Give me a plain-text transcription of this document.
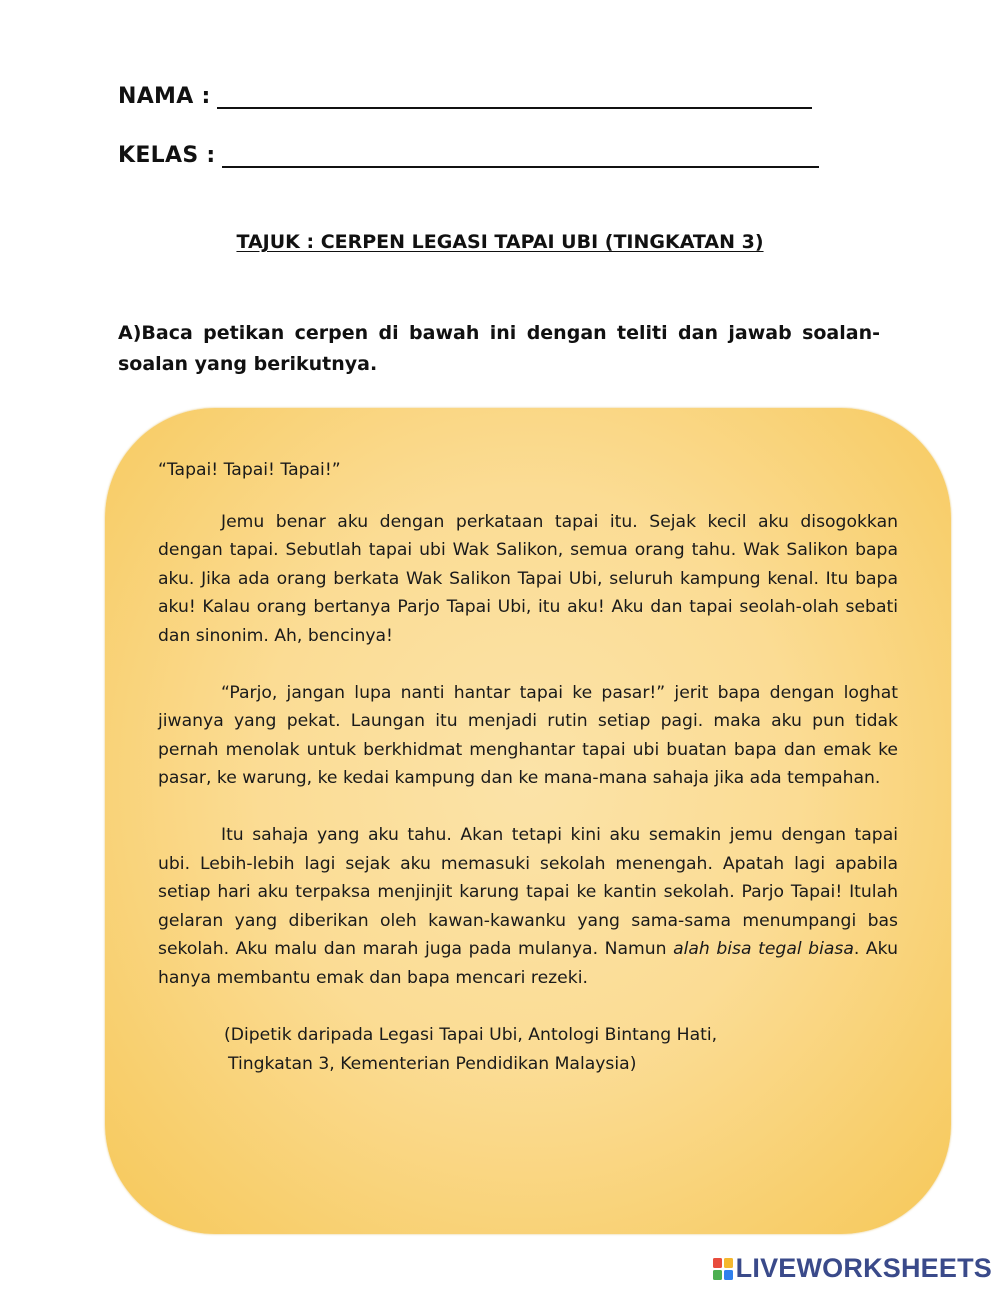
NAMA :
KELAS :
TAJUK : CERPEN LEGASI TAPAI UBI (TINGKATAN 3)
A)Baca petikan cerpen di bawah ini dengan teliti dan jawab soalan-soalan yang berikutnya.

“Tapai! Tapai! Tapai!”

Jemu benar aku dengan perkataan tapai itu. Sejak kecil aku disogokkan dengan tapai. Sebutlah tapai ubi Wak Salikon, semua orang tahu. Wak Salikon bapa aku. Jika ada orang berkata Wak Salikon Tapai Ubi, seluruh kampung kenal. Itu bapa aku! Kalau orang bertanya Parjo Tapai Ubi, itu aku! Aku dan tapai seolah-olah sebati dan sinonim. Ah, bencinya!

“Parjo, jangan lupa nanti hantar tapai ke pasar!” jerit bapa dengan loghat jiwanya yang pekat. Laungan itu menjadi rutin setiap pagi. maka aku pun tidak pernah menolak untuk berkhidmat menghantar tapai ubi buatan bapa dan emak ke pasar, ke warung, ke kedai kampung dan ke mana-mana sahaja jika ada tempahan.

Itu sahaja yang aku tahu. Akan tetapi kini aku semakin jemu dengan tapai ubi. Lebih-lebih lagi sejak aku memasuki sekolah menengah. Apatah lagi apabila setiap hari aku terpaksa menjinjit karung tapai ke kantin sekolah. Parjo Tapai! Itulah gelaran yang diberikan oleh kawan-kawanku yang sama-sama menumpangi bas sekolah. Aku malu dan marah juga pada mulanya. Namun alah bisa tegal biasa. Aku hanya membantu emak dan bapa mencari rezeki.

(Dipetik daripada Legasi Tapai Ubi, Antologi Bintang Hati,
Tingkatan 3, Kementerian Pendidikan Malaysia)

LIVEWORKSHEETS
